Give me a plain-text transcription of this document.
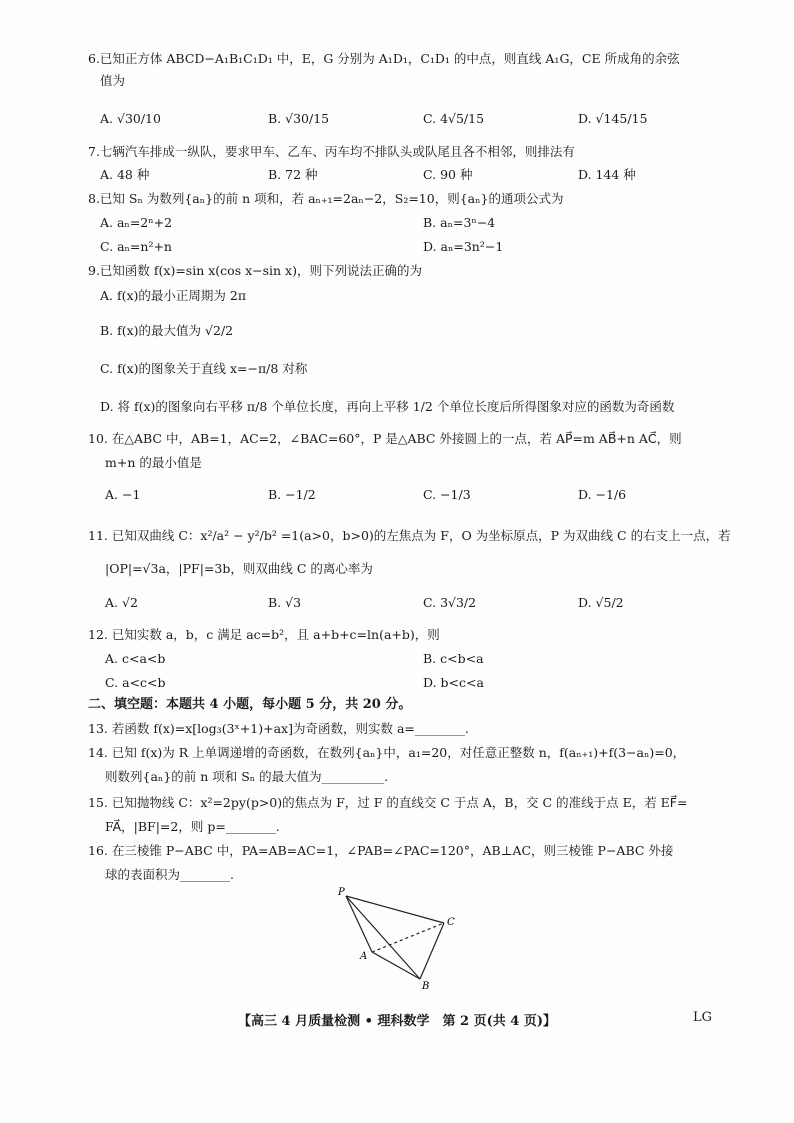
6.已知正方体 ABCD−A₁B₁C₁D₁ 中，E，G 分别为 A₁D₁，C₁D₁ 的中点，则直线 A₁G，CE 所成角的余弦
值为
A. √30/10	B. √30/15	C. 4√5/15	D. √145/15
7.七辆汽车排成一纵队，要求甲车、乙车、丙车均不排队头或队尾且各不相邻，则排法有
A. 48 种	B. 72 种	C. 90 种	D. 144 种
8.已知 Sₙ 为数列{aₙ}的前 n 项和，若 aₙ₊₁=2aₙ−2，S₂=10，则{aₙ}的通项公式为
A. aₙ=2ⁿ+2	B. aₙ=3ⁿ−4
C. aₙ=n²+n	D. aₙ=3n²−1
9.已知函数 f(x)=sin x(cos x−sin x)，则下列说法正确的为
A. f(x)的最小正周期为 2π
B. f(x)的最大值为 √2/2
C. f(x)的图象关于直线 x=−π/8 对称
D. 将 f(x)的图象向右平移 π/8 个单位长度，再向上平移 1/2 个单位长度后所得图象对应的函数为奇函数
10. 在△ABC 中，AB=1，AC=2，∠BAC=60°，P 是△ABC 外接圆上的一点，若 AP⃗=m AB⃗+n AC⃗，则
m+n 的最小值是
A. −1	B. −1/2	C. −1/3	D. −1/6
11. 已知双曲线 C：x²/a² − y²/b² =1(a>0，b>0)的左焦点为 F，O 为坐标原点，P 为双曲线 C 的右支上一点，若
|OP|=√3a，|PF|=3b，则双曲线 C 的离心率为
A. √2	B. √3	C. 3√3/2	D. √5/2
12. 已知实数 a，b，c 满足 ac=b²，且 a+b+c=ln(a+b)，则
A. c<a<b	B. c<b<a
C. a<c<b	D. b<c<a
二、填空题：本题共 4 小题，每小题 5 分，共 20 分。
13. 若函数 f(x)=x[log₃(3ˣ+1)+ax]为奇函数，则实数 a=________.
14. 已知 f(x)为 R 上单调递增的奇函数，在数列{aₙ}中，a₁=20，对任意正整数 n，f(aₙ₊₁)+f(3−aₙ)=0，
则数列{aₙ}的前 n 项和 Sₙ 的最大值为__________.
15. 已知抛物线 C：x²=2py(p>0)的焦点为 F，过 F 的直线交 C 于点 A，B，交 C 的准线于点 E，若 EF⃗=
FA⃗，|BF|=2，则 p=________.
16. 在三棱锥 P−ABC 中，PA=AB=AC=1，∠PAB=∠PAC=120°，AB⊥AC，则三棱锥 P−ABC 外接
球的表面积为________.
P
A
B
C
【高三 4 月质量检测 • 理科数学　第 2 页(共 4 页)】	LG
